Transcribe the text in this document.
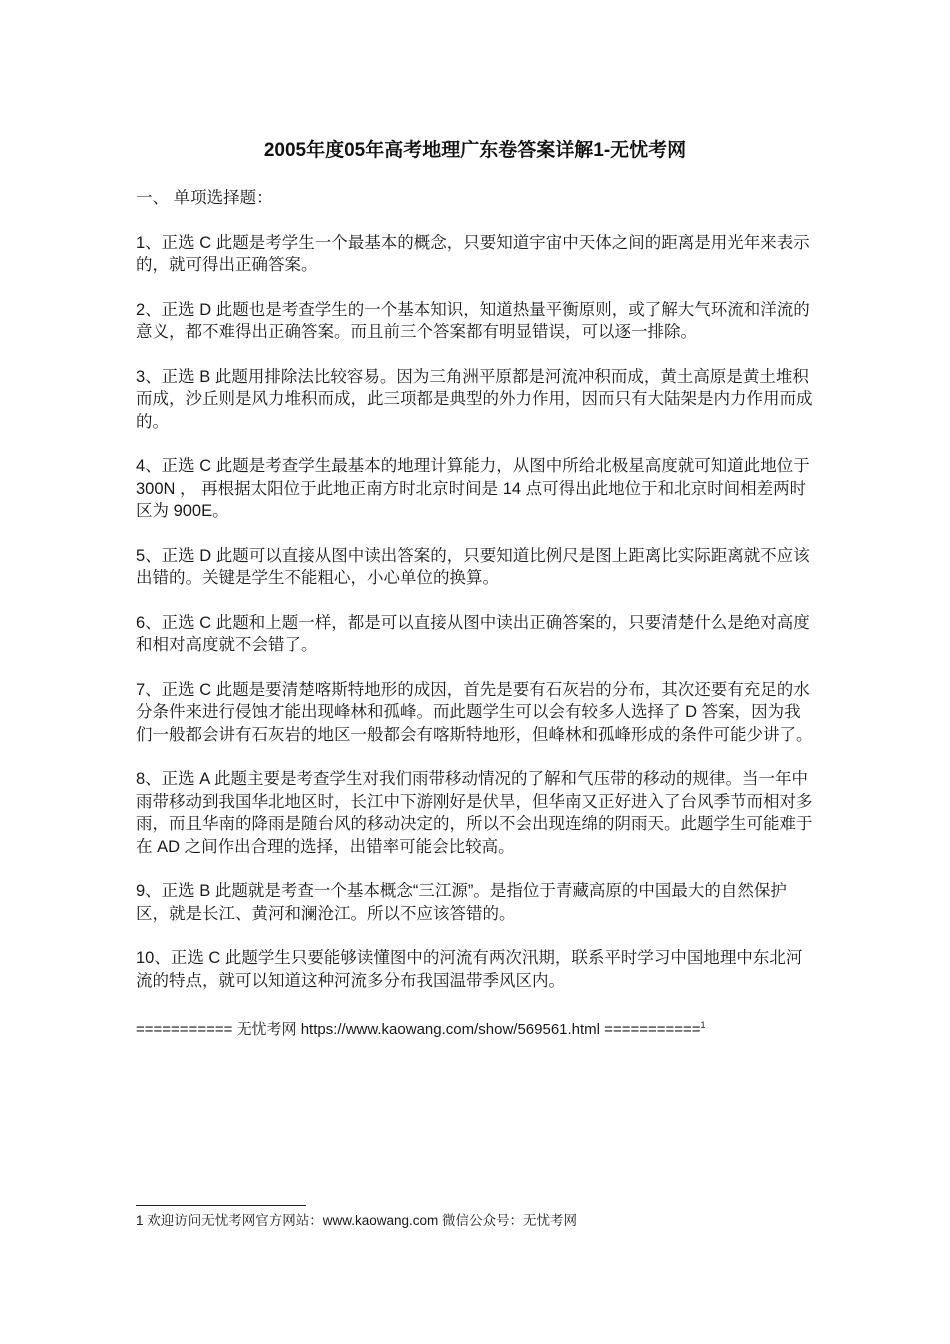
2005年度05年高考地理广东卷答案详解1-无忧考网

一、 单项选择题：

1、正选 C 此题是考学生一个最基本的概念，只要知道宇宙中天体之间的距离是用光年来表示的，就可得出正确答案。

2、正选 D 此题也是考查学生的一个基本知识，知道热量平衡原则，或了解大气环流和洋流的意义，都不难得出正确答案。而且前三个答案都有明显错误，可以逐一排除。

3、正选 B 此题用排除法比较容易。因为三角洲平原都是河流冲积而成，黄土高原是黄土堆积而成，沙丘则是风力堆积而成，此三项都是典型的外力作用，因而只有大陆架是内力作用而成的。

4、正选 C 此题是考查学生最基本的地理计算能力，从图中所给北极星高度就可知道此地位于 300N ， 再根据太阳位于此地正南方时北京时间是 14 点可得出此地位于和北京时间相差两时区为 900E。

5、正选 D 此题可以直接从图中读出答案的，只要知道比例尺是图上距离比实际距离就不应该出错的。关键是学生不能粗心，小心单位的换算。

6、正选 C 此题和上题一样，都是可以直接从图中读出正确答案的，只要清楚什么是绝对高度和相对高度就不会错了。

7、正选 C 此题是要清楚喀斯特地形的成因，首先是要有石灰岩的分布，其次还要有充足的水分条件来进行侵蚀才能出现峰林和孤峰。而此题学生可以会有较多人选择了 D 答案，因为我们一般都会讲有石灰岩的地区一般都会有喀斯特地形，但峰林和孤峰形成的条件可能少讲了。

8、正选 A 此题主要是考查学生对我们雨带移动情况的了解和气压带的移动的规律。当一年中雨带移动到我国华北地区时，长江中下游刚好是伏旱，但华南又正好进入了台风季节而相对多雨，而且华南的降雨是随台风的移动决定的，所以不会出现连绵的阴雨天。此题学生可能难于在 AD 之间作出合理的选择，出错率可能会比较高。

9、正选 B 此题就是考查一个基本概念“三江源”。是指位于青藏高原的中国最大的自然保护区，就是长江、黄河和澜沧江。所以不应该答错的。

10、正选 C 此题学生只要能够读懂图中的河流有两次汛期，联系平时学习中国地理中东北河流的特点，就可以知道这种河流多分布我国温带季风区内。

=========== 无忧考网 https://www.kaowang.com/show/569561.html ===========$^1$

1 欢迎访问无忧考网官方网站：www.kaowang.com 微信公众号：无忧考网
